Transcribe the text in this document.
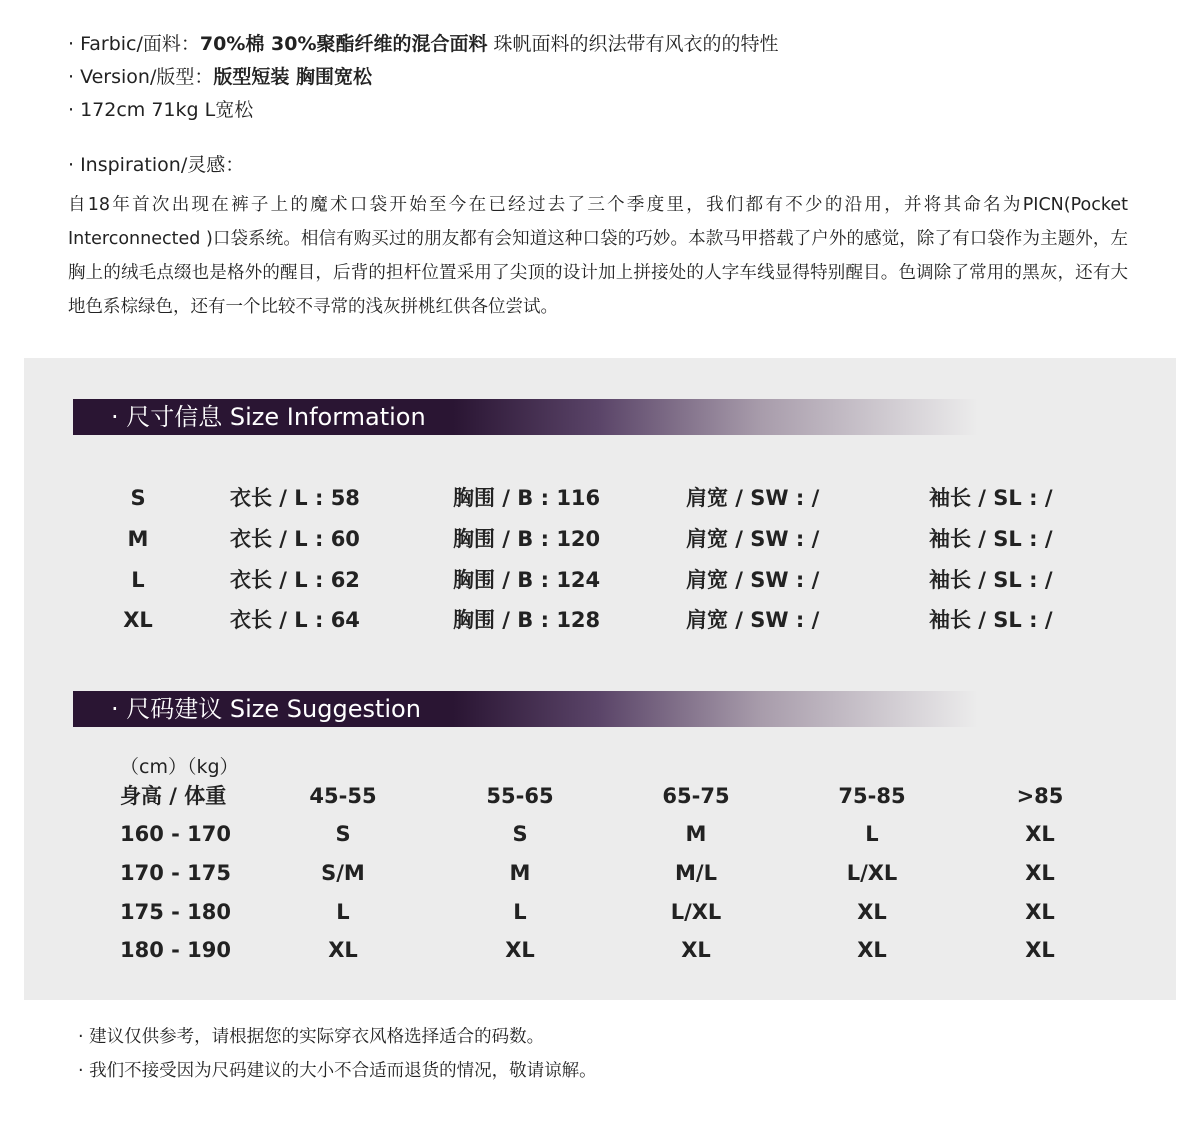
· Farbic/面料：70%棉 30%聚酯纤维的混合面料 珠帆面料的织法带有风衣的的特性
· Version/版型：版型短装 胸围宽松
· 172cm 71kg L宽松
· Inspiration/灵感：
自18年首次出现在裤子上的魔术口袋开始至今在已经过去了三个季度里，我们都有不少的沿用，并将其命名为PICN(Pocket Interconnected )口袋系统。相信有购买过的朋友都有会知道这种口袋的巧妙。本款马甲搭载了户外的感觉，除了有口袋作为主题外，左胸上的绒毛点缀也是格外的醒目，后背的担杆位置采用了尖顶的设计加上拼接处的人字车线显得特别醒目。色调除了常用的黑灰，还有大地色系棕绿色，还有一个比较不寻常的浅灰拼桃红供各位尝试。
· 尺寸信息 Size Information
S	衣长 / L : 58	胸围 / B : 116	肩宽 / SW : /	袖长 / SL : /
M	衣长 / L : 60	胸围 / B : 120	肩宽 / SW : /	袖长 / SL : /
L	衣长 / L : 62	胸围 / B : 124	肩宽 / SW : /	袖长 / SL : /
XL	衣长 / L : 64	胸围 / B : 128	肩宽 / SW : /	袖长 / SL : /
· 尺码建议 Size Suggestion
（cm）（kg）
身高 / 体重	45-55	55-65	65-75	75-85	>85
160 - 170	S	S	M	L	XL
170 - 175	S/M	M	M/L	L/XL	XL
175 - 180	L	L	L/XL	XL	XL
180 - 190	XL	XL	XL	XL	XL
· 建议仅供参考，请根据您的实际穿衣风格选择适合的码数。
· 我们不接受因为尺码建议的大小不合适而退货的情况，敬请谅解。
